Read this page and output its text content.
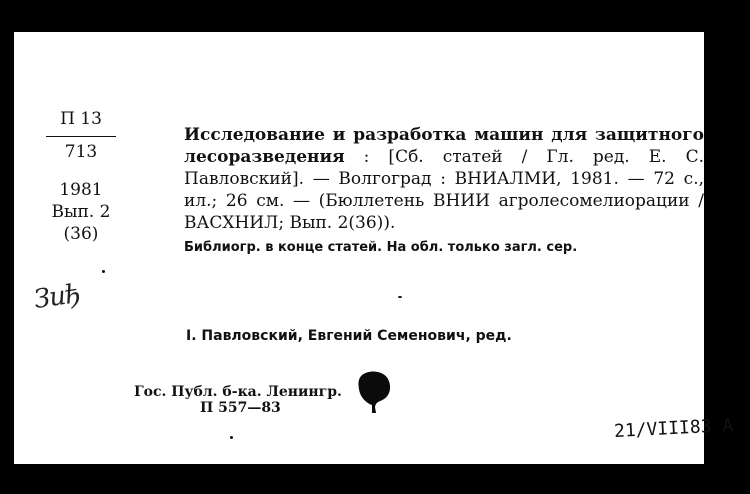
П 13
713
1981
Вып. 2
(36)
Зиђ
Исследование и разработка машин для защитного лесоразведения : [Сб. статей / Гл. ред. Е. С. Павловский]. — Волгоград : ВНИАЛМИ, 1981. — 72 с., ил.; 26 см. — (Бюллетень ВНИИ агролесомелиорации / ВАСХНИЛ; Вып. 2(36)).
Библиогр. в конце статей. На обл. только загл. сер.
I. Павловский, Евгений Семенович, ред.
Гос. Публ. б-ка. Ленингр.
П 557—83
21/VIII83 А
